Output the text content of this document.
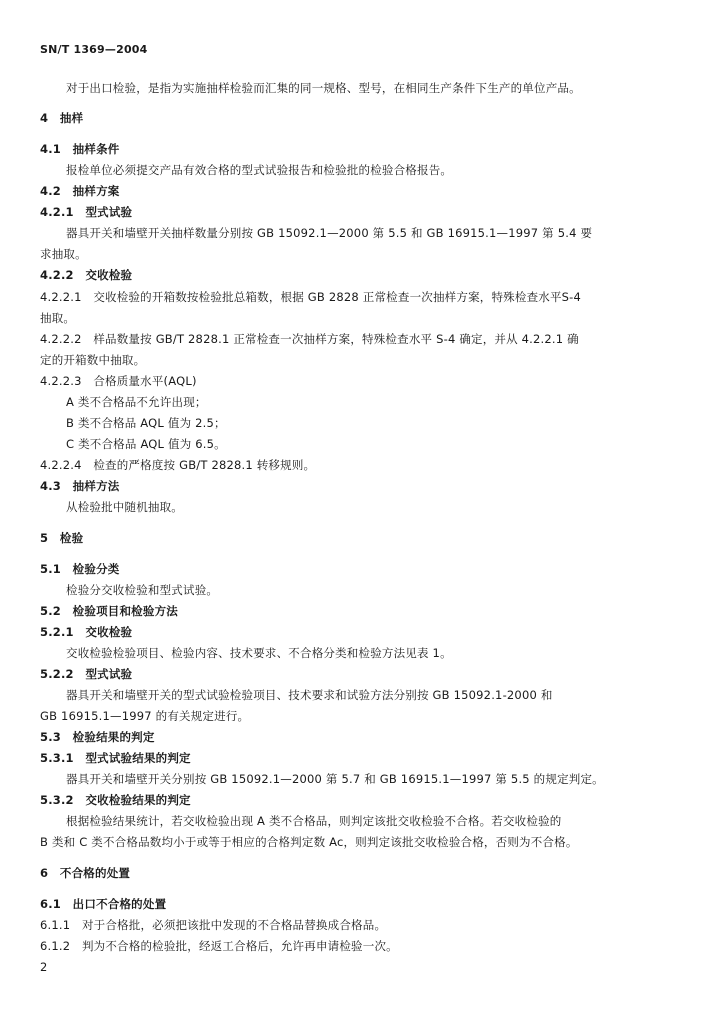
SN/T 1369—2004
对于出口检验，是指为实施抽样检验而汇集的同一规格、型号，在相同生产条件下生产的单位产品。
4　抽样
4.1　抽样条件
报检单位必须提交产品有效合格的型式试验报告和检验批的检验合格报告。
4.2　抽样方案
4.2.1　型式试验
器具开关和墙壁开关抽样数量分别按 GB 15092.1—2000 第 5.5 和 GB 16915.1—1997 第 5.4 要
求抽取。
4.2.2　交收检验
4.2.2.1　交收检验的开箱数按检验批总箱数，根据 GB 2828 正常检查一次抽样方案，特殊检查水平S-4
抽取。
4.2.2.2　样品数量按 GB/T 2828.1 正常检查一次抽样方案，特殊检查水平 S-4 确定，并从 4.2.2.1 确
定的开箱数中抽取。
4.2.2.3　合格质量水平(AQL)
A 类不合格品不允许出现；
B 类不合格品 AQL 值为 2.5；
C 类不合格品 AQL 值为 6.5。
4.2.2.4　检查的严格度按 GB/T 2828.1 转移规则。
4.3　抽样方法
从检验批中随机抽取。
5　检验
5.1　检验分类
检验分交收检验和型式试验。
5.2　检验项目和检验方法
5.2.1　交收检验
交收检验检验项目、检验内容、技术要求、不合格分类和检验方法见表 1。
5.2.2　型式试验
器具开关和墙壁开关的型式试验检验项目、技术要求和试验方法分别按 GB 15092.1-2000 和
GB 16915.1—1997 的有关规定进行。
5.3　检验结果的判定
5.3.1　型式试验结果的判定
器具开关和墙壁开关分别按 GB 15092.1—2000 第 5.7 和 GB 16915.1—1997 第 5.5 的规定判定。
5.3.2　交收检验结果的判定
根据检验结果统计，若交收检验出现 A 类不合格品，则判定该批交收检验不合格。若交收检验的
B 类和 C 类不合格品数均小于或等于相应的合格判定数 Ac，则判定该批交收检验合格，否则为不合格。
6　不合格的处置
6.1　出口不合格的处置
6.1.1　对于合格批，必须把该批中发现的不合格品替换成合格品。
6.1.2　判为不合格的检验批，经返工合格后，允许再申请检验一次。
2
